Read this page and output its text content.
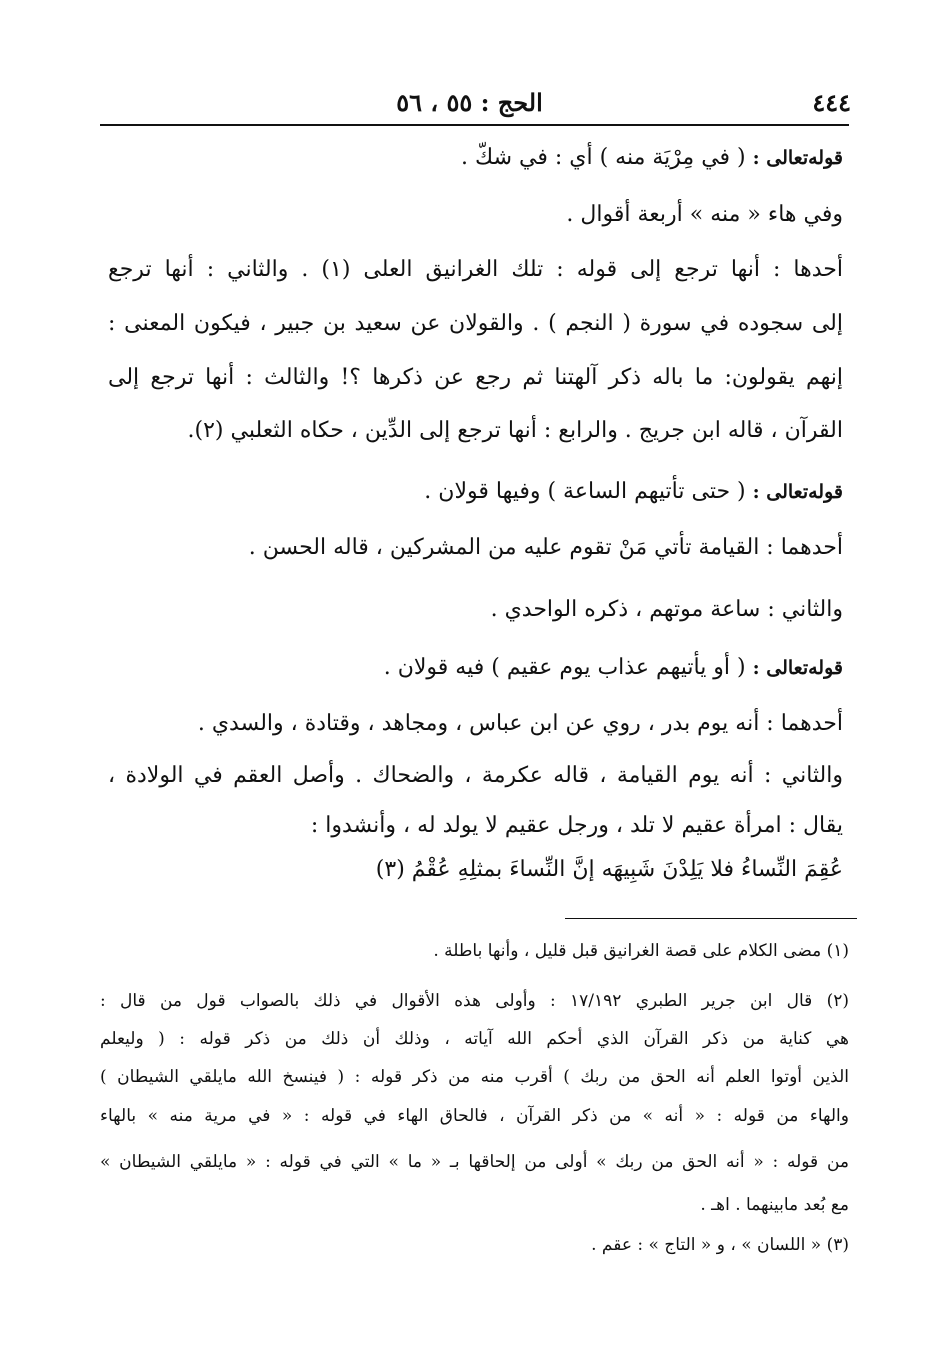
٤٤٤
الحج : ٥٥ ، ٥٦
قوله‌تعالى : ( في مِرْيَة منه ) أي : في شكّ .
وفي هاء « منه » أربعة أقوال .
أحدها : أنها ترجع إلى قوله : تلك الغرانيق العلى (١) . والثاني : أنها ترجع
إلى سجوده في سورة ( النجم ) . والقولان عن سعيد بن جبير ، فيكون المعنى :
إنهم يقولون: ما باله ذكر آلهتنا ثم رجع عن ذكرها ؟! والثالث : أنها ترجع إلى
القرآن ، قاله ابن جريج . والرابع : أنها ترجع إلى الدِّين ، حكاه الثعلبي (٢).
قوله‌تعالى : ( حتى تأتيهم الساعة ) وفيها قولان .
أحدهما : القيامة تأتي مَنْ تقوم عليه من المشركين ، قاله الحسن .
والثاني : ساعة موتهم ، ذكره الواحدي .
قوله‌تعالى : ( أو يأتيهم عذاب يوم عقيم ) فيه قولان .
أحدهما : أنه يوم بدر ، روي عن ابن عباس ، ومجاهد ، وقتادة ، والسدي .
والثاني : أنه يوم القيامة ، قاله عكرمة ، والضحاك . وأصل العقم في الولادة ،
يقال : امرأة عقيم لا تلد ، ورجل عقيم لا يولد له ، وأنشدوا :
عُقِمَ النِّساءُ فلا يَلِدْنَ شَبِيهَه إنَّ النِّساءَ بمثلِهِ عُقْمُ (٣)
(١) مضى الكلام على قصة الغرانيق قبل قليل ، وأنها باطلة .
(٢) قال ابن جرير الطبري ١٧/١٩٢ : وأولى هذه الأقوال في ذلك بالصواب قول من قال :
هي كناية من ذكر القرآن الذي أحكم الله آياته ، وذلك أن ذلك من ذكر قوله : ( وليعلم
الذين أوتوا العلم أنه الحق من ربك ) أقرب منه من ذكر قوله : ( فينسخ الله مايلقي الشيطان )
والهاء من قوله : « أنه » من ذكر القرآن ، فالحاق الهاء في قوله : « في مرية منه » بالهاء
من قوله : « أنه الحق من ربك » أولى من إلحاقها بـ « ما » التي في قوله : « مايلقي الشيطان »
مع بُعد مابينهما . اهـ .
(٣) « اللسان » ، و « التاج » : عقم .
